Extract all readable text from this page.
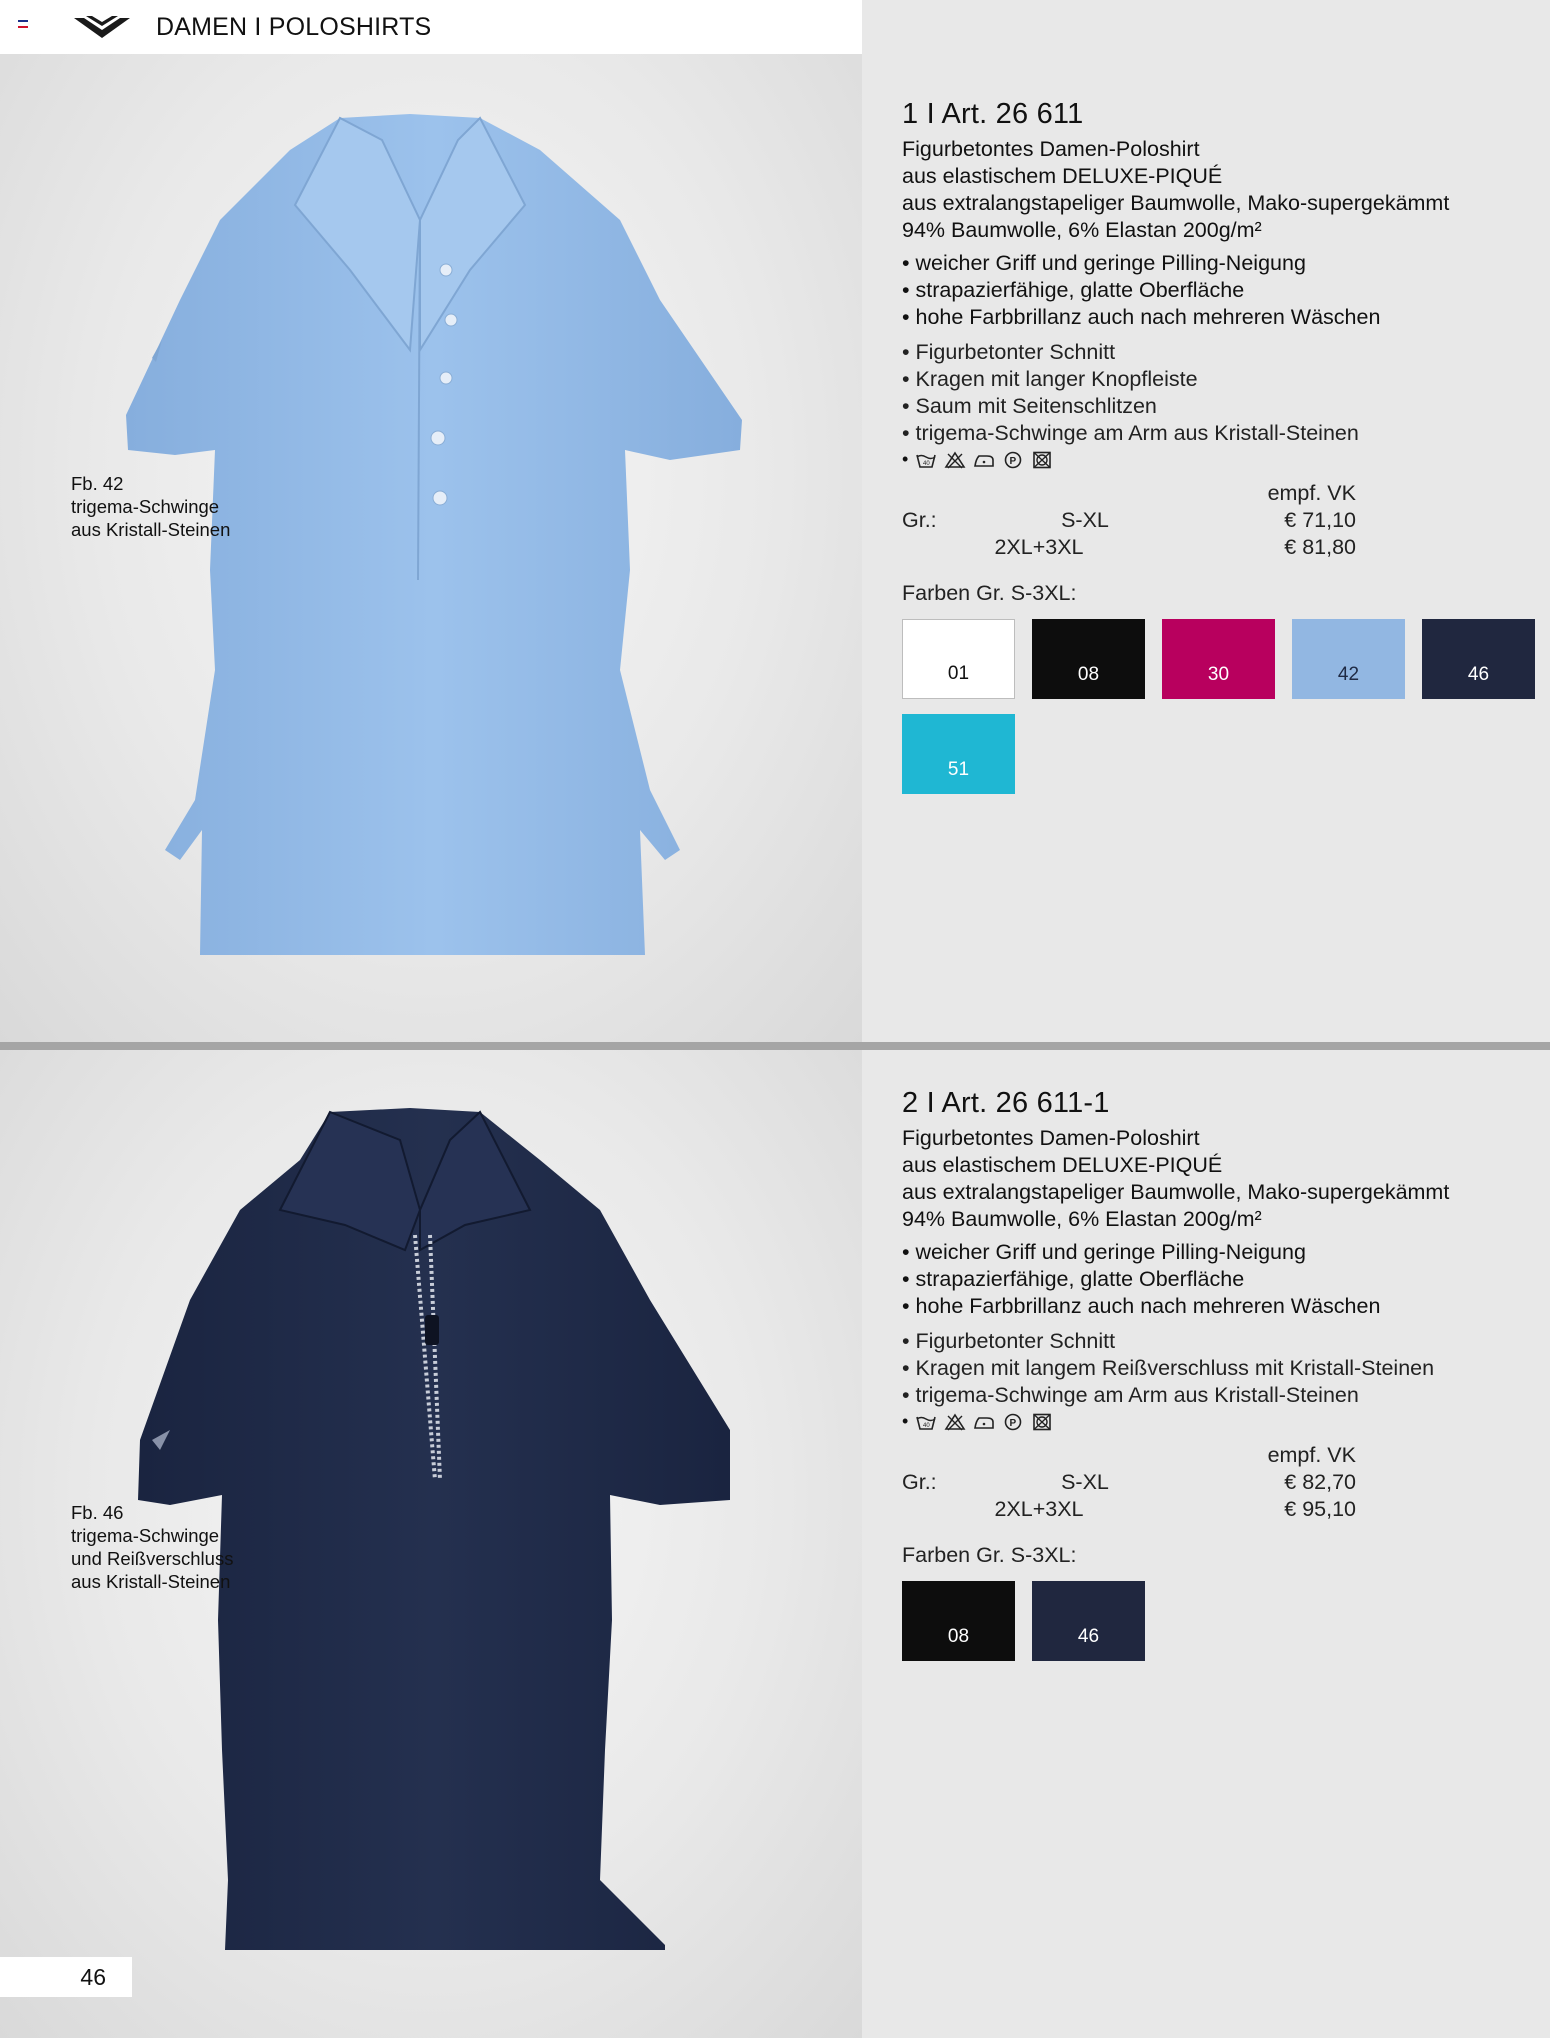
DAMEN I POLOSHIRTS
Fb. 42
trigema-Schwinge
aus Kristall-Steinen
Fb. 46
trigema-Schwinge
und Reißverschluss
aus Kristall-Steinen
1 I Art. 26 611
Figurbetontes Damen-Poloshirt
aus elastischem DELUXE-PIQUÉ
aus extralangstapeliger Baumwolle, Mako-supergekämmt
94% Baumwolle, 6% Elastan 200g/m²
• weicher Griff und geringe Pilling-Neigung
• strapazierfähige, glatte Oberfläche
• hohe Farbbrillanz auch nach mehreren Wäschen
• Figurbetonter Schnitt
• Kragen mit langer Knopfleiste
• Saum mit Seitenschlitzen
• trigema-Schwinge am Arm aus Kristall-Steinen
•	40	P
empf. VK
Gr.:	S-XL	€ 71,10
2XL+3XL	€ 81,80
Farben Gr. S-3XL:
01	08	30	42	46
51
2 I Art. 26 611-1
Figurbetontes Damen-Poloshirt
aus elastischem DELUXE-PIQUÉ
aus extralangstapeliger Baumwolle, Mako-supergekämmt
94% Baumwolle, 6% Elastan 200g/m²
• weicher Griff und geringe Pilling-Neigung
• strapazierfähige, glatte Oberfläche
• hohe Farbbrillanz auch nach mehreren Wäschen
• Figurbetonter Schnitt
• Kragen mit langem Reißverschluss mit Kristall-Steinen
• trigema-Schwinge am Arm aus Kristall-Steinen
•	40	P
empf. VK
Gr.:	S-XL	€ 82,70
2XL+3XL	€ 95,10
Farben Gr. S-3XL:
08	46
46
